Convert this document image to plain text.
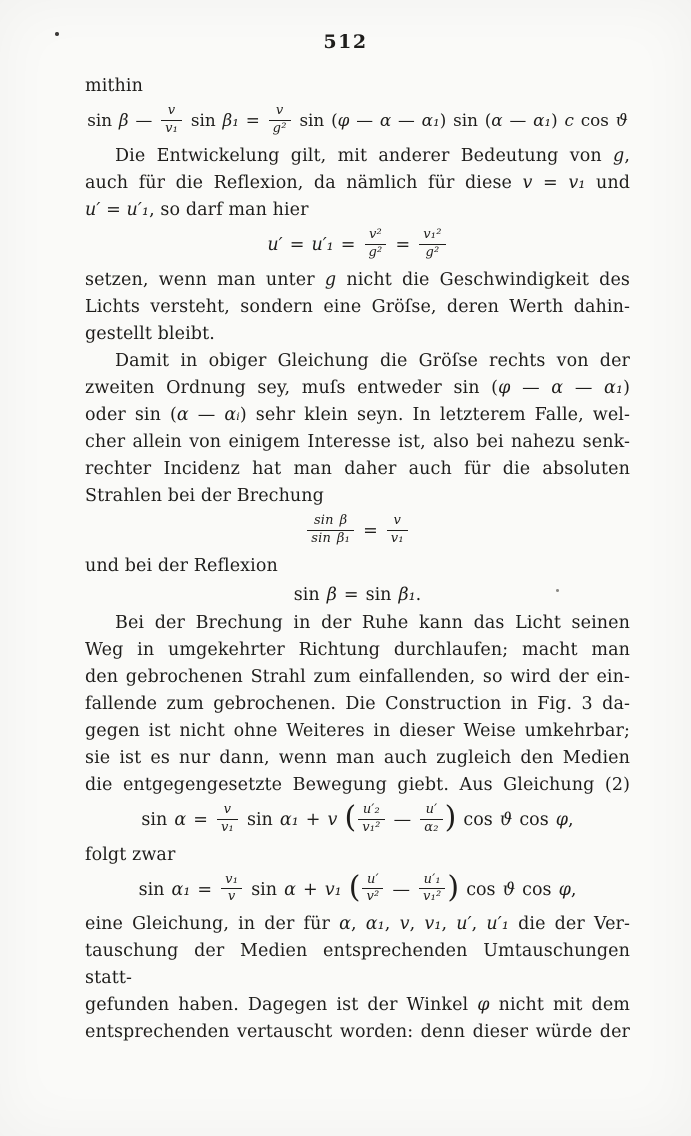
512
mithin
sin β — $\frac{v}{\text{v₁}}$ $\sin \beta_1 = \frac{v}{\text{g²}}$ sin (φ — α — α₁) sin (α — α₁) c cos ϑ
Die Entwickelung gilt, mit anderer Bedeutung von g,
auch für die Reflexion, da nämlich für diese v = v₁ und
u′ = u′₁, so darf man hier
$u' = u'_1 = \frac{\text{v²}}{\text{g²}} = \frac{\text{v₁²}}{\text{g²}}$
setzen, wenn man unter g nicht die Geschwindigkeit des
Lichts versteht, sondern eine Gröſse, deren Werth dahin-
gestellt bleibt.
Damit in obiger Gleichung die Gröſse rechts von der
zweiten Ordnung sey, muſs entweder sin (φ — α — α₁)
oder sin (α — αᵢ) sehr klein seyn. In letzterem Falle, wel-
cher allein von einigem Interesse ist, also bei nahezu senk-
rechter Incidenz hat man daher auch für die absoluten
Strahlen bei der Brechung
$\frac{\text{sin β}}{\text{sin β₁}} = \frac{v}{\text{v₁}}$
und bei der Reflexion
sin β = sin β₁.
Bei der Brechung in der Ruhe kann das Licht seinen
Weg in umgekehrter Richtung durchlaufen; macht man
den gebrochenen Strahl zum einfallenden, so wird der ein-
fallende zum gebrochenen. Die Construction in Fig. 3 da-
gegen ist nicht ohne Weiteres in dieser Weise umkehrbar;
sie ist es nur dann, wenn man auch zugleich den Medien
die entgegengesetzte Bewegung giebt. Aus Gleichung (2)
$\sin \alpha = \frac{v}{\text{v₁}}$ sin α₁ + v ( $\frac{\text{u′₂}}{\text{v₁²}}$ — $\frac{u'}{\text{α₂}}$ ) cos ϑ cos φ,
folgt zwar
$\sin \alpha_1 = \frac{\text{v₁}}{v}$ sin α + v₁ ( $\frac{u'}{\text{v²}}$ — $\frac{\text{u′₁}}{\text{v₁²}}$ ) cos ϑ cos φ,
eine Gleichung, in der für α, α₁, v, v₁, u′, u′₁ die der Ver-
tauschung der Medien entsprechenden Umtauschungen statt-
gefunden haben. Dagegen ist der Winkel φ nicht mit dem
entsprechenden vertauscht worden: denn dieser würde der
